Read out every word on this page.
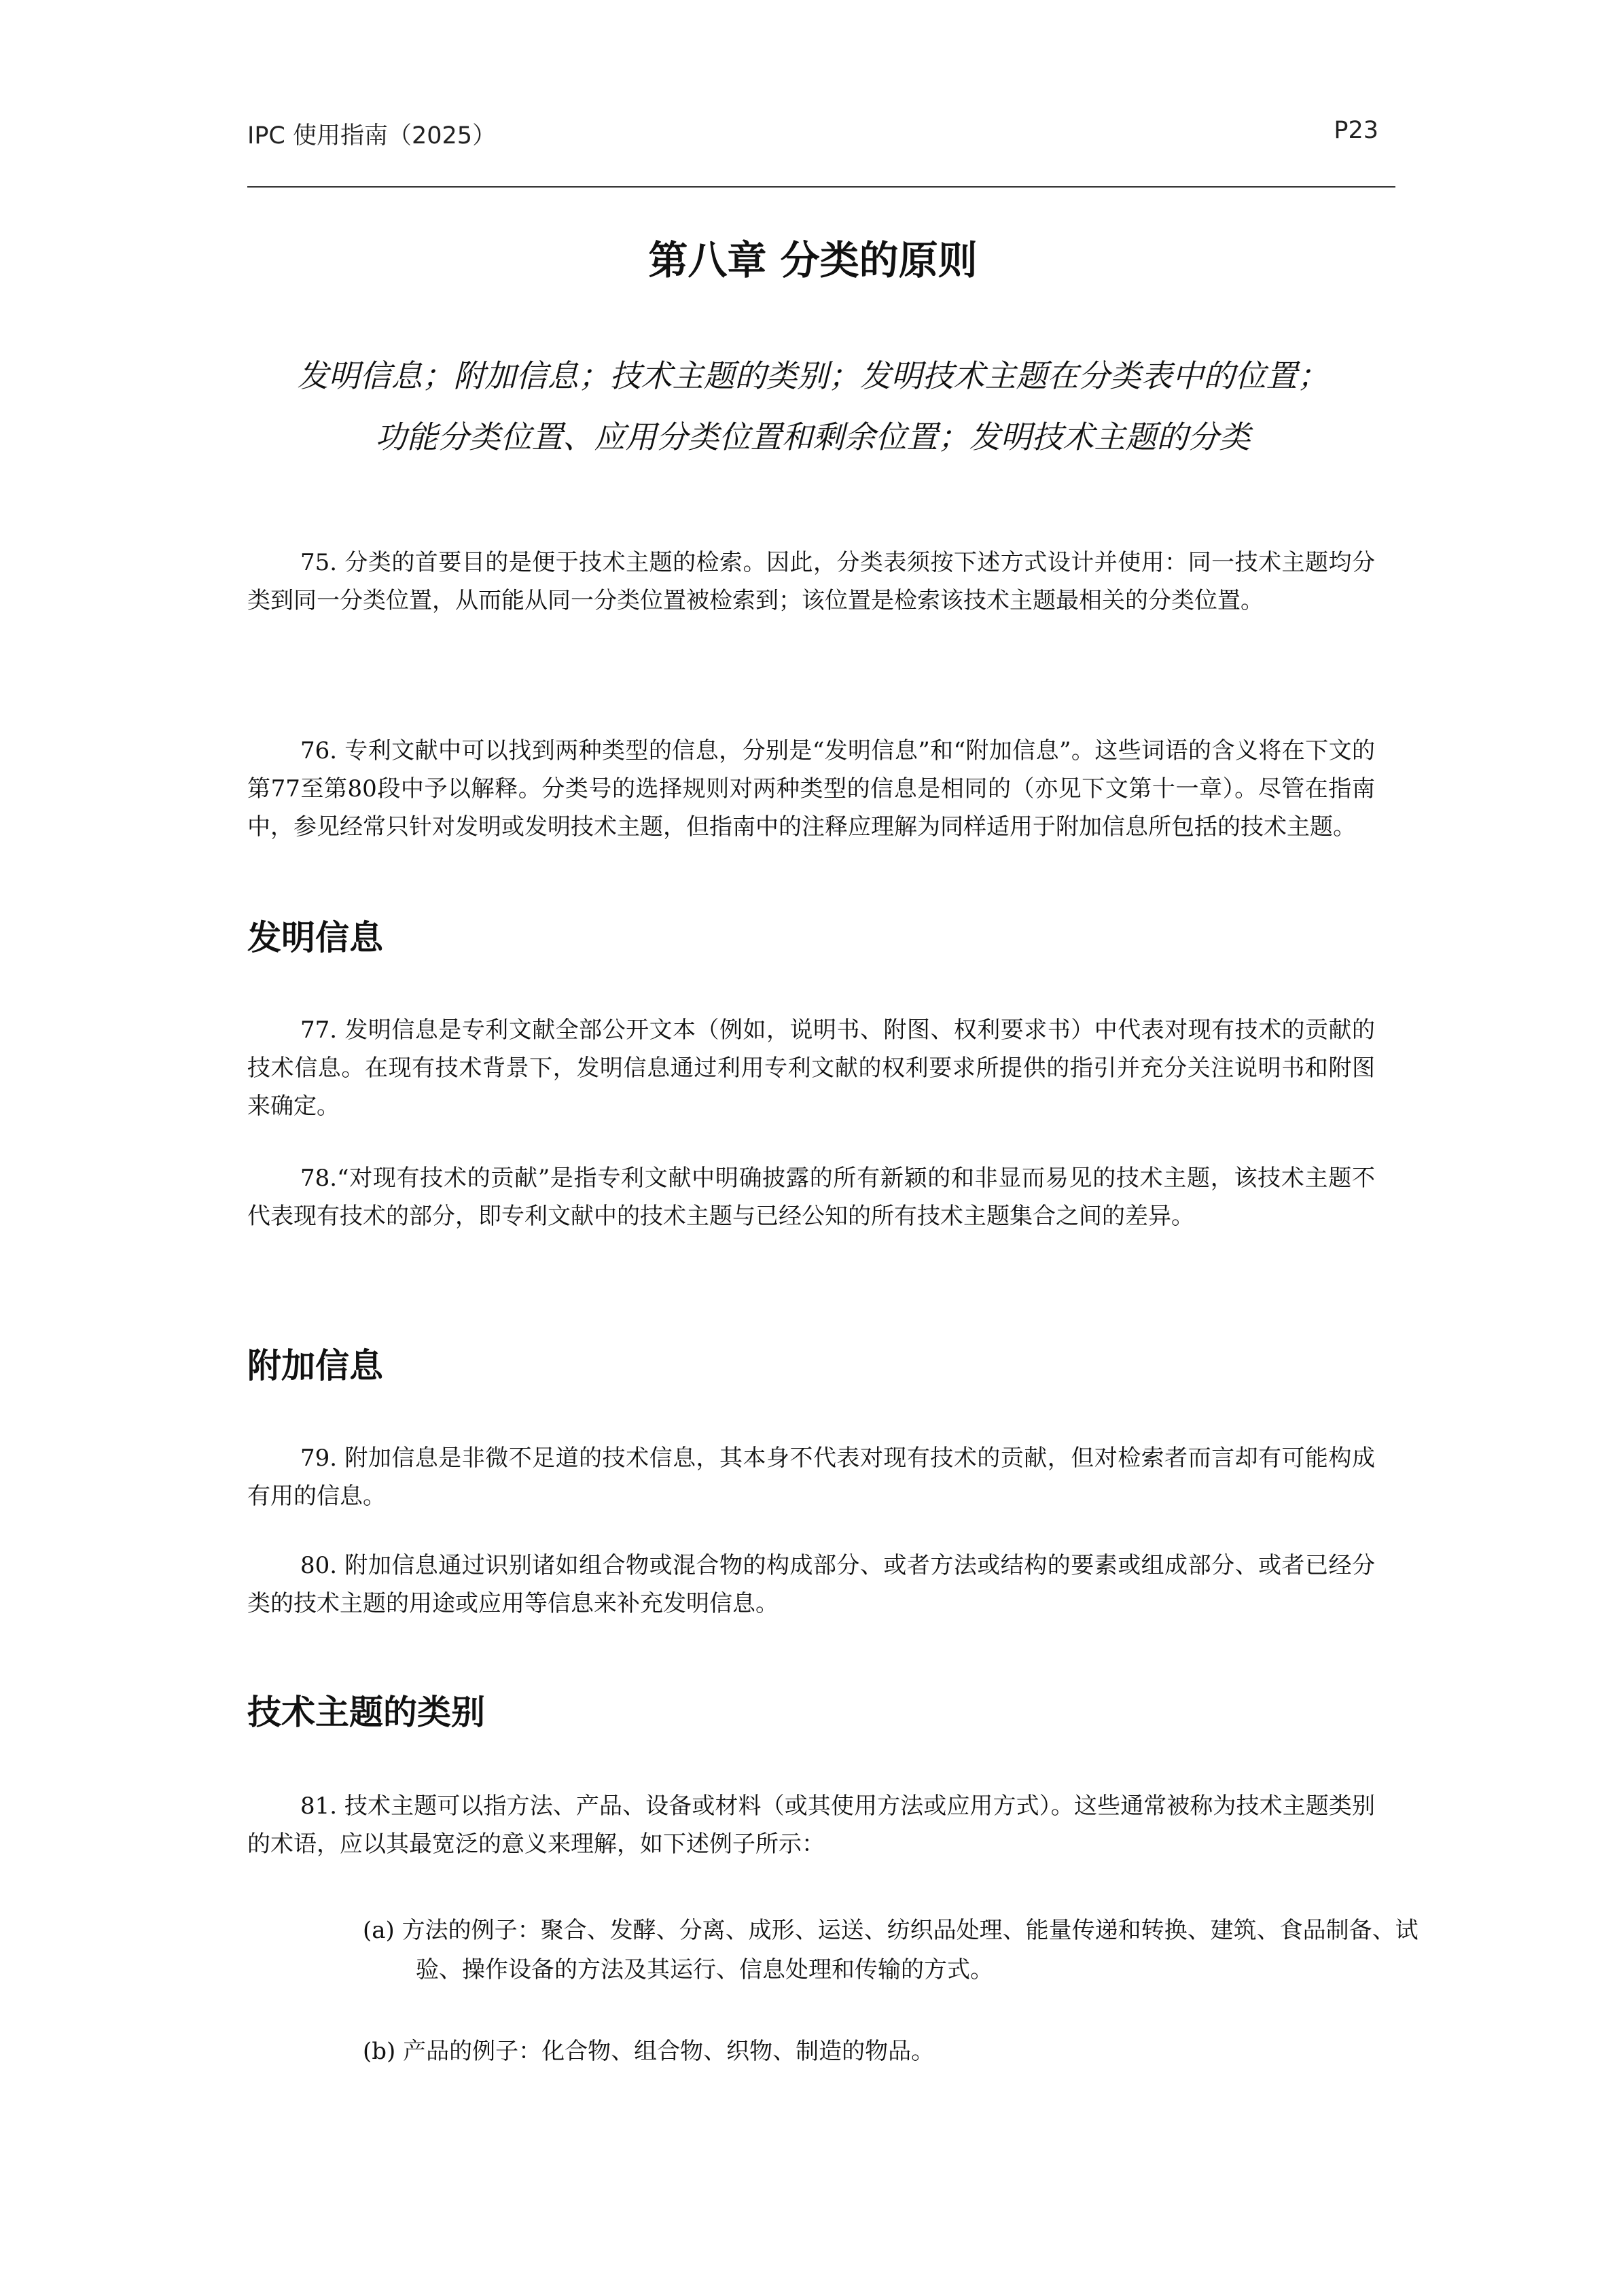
IPC 使用指南（2025）	P23
第八章 分类的原则
发明信息；附加信息；技术主题的类别；发明技术主题在分类表中的位置；
功能分类位置、应用分类位置和剩余位置；发明技术主题的分类
75. 分类的首要目的是便于技术主题的检索。因此，分类表须按下述方式设计并使用：同一技术主题均分类到同一分类位置，从而能从同一分类位置被检索到；该位置是检索该技术主题最相关的分类位置。
76. 专利文献中可以找到两种类型的信息，分别是“发明信息”和“附加信息”。这些词语的含义将在下文的第77至第80段中予以解释。分类号的选择规则对两种类型的信息是相同的（亦见下文第十一章）。尽管在指南中，参见经常只针对发明或发明技术主题，但指南中的注释应理解为同样适用于附加信息所包括的技术主题。
发明信息
77. 发明信息是专利文献全部公开文本（例如，说明书、附图、权利要求书）中代表对现有技术的贡献的技术信息。在现有技术背景下，发明信息通过利用专利文献的权利要求所提供的指引并充分关注说明书和附图来确定。
78.“对现有技术的贡献”是指专利文献中明确披露的所有新颖的和非显而易见的技术主题，该技术主题不代表现有技术的部分，即专利文献中的技术主题与已经公知的所有技术主题集合之间的差异。
附加信息
79. 附加信息是非微不足道的技术信息，其本身不代表对现有技术的贡献，但对检索者而言却有可能构成有用的信息。
80. 附加信息通过识别诸如组合物或混合物的构成部分、或者方法或结构的要素或组成部分、或者已经分类的技术主题的用途或应用等信息来补充发明信息。
技术主题的类别
81. 技术主题可以指方法、产品、设备或材料（或其使用方法或应用方式）。这些通常被称为技术主题类别的术语，应以其最宽泛的意义来理解，如下述例子所示：
(a) 方法的例子：聚合、发酵、分离、成形、运送、纺织品处理、能量传递和转换、建筑、食品制备、试验、操作设备的方法及其运行、信息处理和传输的方式。
(b) 产品的例子：化合物、组合物、织物、制造的物品。
